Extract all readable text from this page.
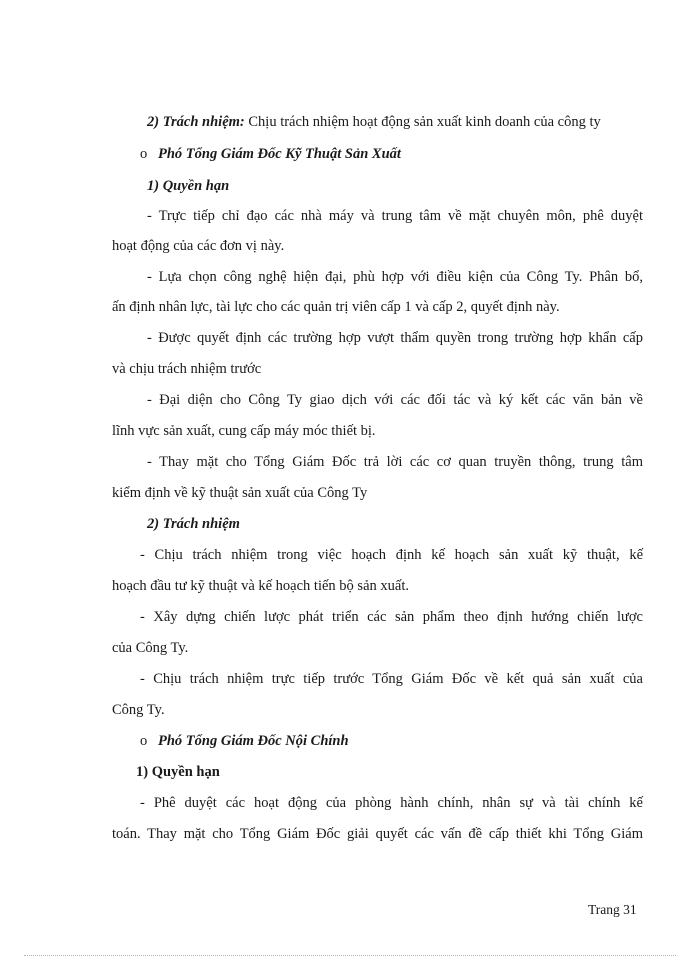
2) Trách nhiệm: Chịu trách nhiệm hoạt động sản xuất kinh doanh của công ty
o Phó Tổng Giám Đốc Kỹ Thuật Sản Xuất
1) Quyền hạn
- Trực tiếp chỉ đạo các nhà máy và trung tâm về mặt chuyên môn, phê duyệt
hoạt động của các đơn vị này.
- Lựa chọn công nghệ hiện đại, phù hợp với điều kiện của Công Ty. Phân bổ,
ấn định nhân lực, tài lực cho các quản trị viên cấp 1 và cấp 2, quyết định này.
- Được quyết định các trường hợp vượt thẩm quyền trong trường hợp khẩn cấp
và chịu trách nhiệm trước
- Đại diện cho Công Ty giao dịch với các đối tác và ký kết các văn bản về
lĩnh vực sản xuất, cung cấp máy móc thiết bị.
- Thay mặt cho Tổng Giám Đốc trả lời các cơ quan truyền thông, trung tâm
kiểm định về kỹ thuật sản xuất của Công Ty
2) Trách nhiệm
- Chịu trách nhiệm trong việc hoạch định kế hoạch sản xuất kỹ thuật, kế
hoạch đầu tư kỹ thuật và kế hoạch tiến bộ sản xuất.
- Xây dựng chiến lược phát triển các sản phẩm theo định hướng chiến lược
của Công Ty.
- Chịu trách nhiệm trực tiếp trước Tổng Giám Đốc về kết quả sản xuất của
Công Ty.
o Phó Tổng Giám Đốc Nội Chính
1) Quyền hạn
- Phê duyệt các hoạt động của phòng hành chính, nhân sự và tài chính kế
toán. Thay mặt cho Tổng Giám Đốc giải quyết các vấn đề cấp thiết khi Tổng Giám
Trang 31
